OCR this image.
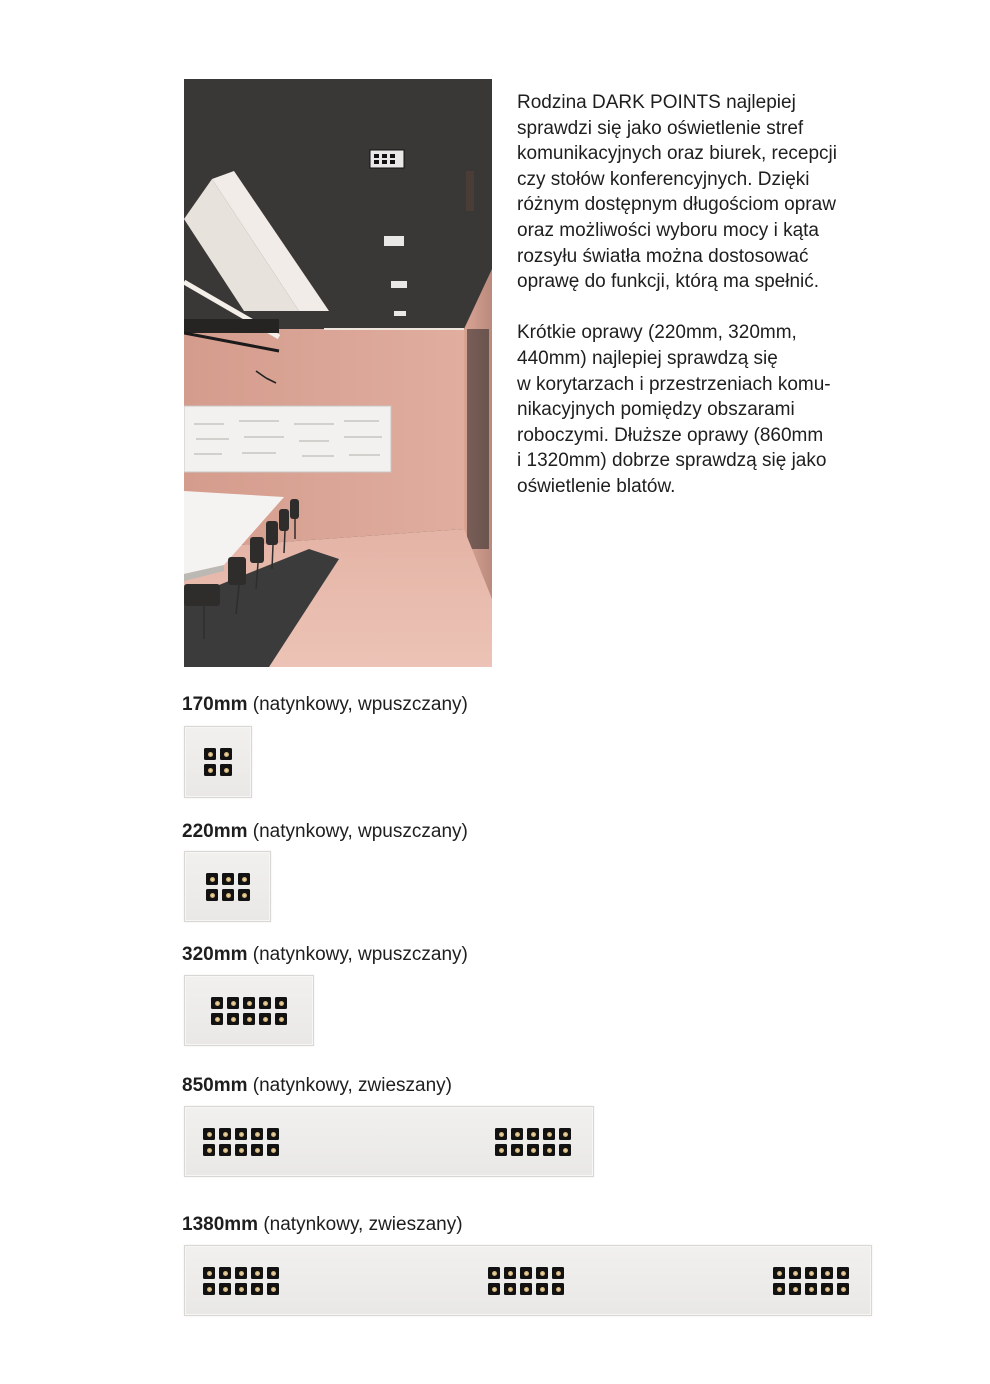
Rodzina DARK POINTS najlepiej
sprawdzi się jako oświetlenie stref
komunikacyjnych oraz biurek, recepcji
czy stołów konferencyjnych. Dzięki
różnym dostępnym długościom opraw
oraz możliwości wyboru mocy i kąta
rozsyłu światła można dostosować
oprawę do funkcji, którą ma spełnić.

Krótkie oprawy (220mm, 320mm,
440mm) najlepiej sprawdzą się
w korytarzach i przestrzeniach komu-
nikacyjnych pomiędzy obszarami
roboczymi. Dłuższe oprawy (860mm
i 1320mm) dobrze sprawdzą się jako
oświetlenie blatów.

170mm (natynkowy, wpuszczany)
220mm (natynkowy, wpuszczany)
320mm (natynkowy, wpuszczany)
850mm (natynkowy, zwieszany)
1380mm (natynkowy, zwieszany)
